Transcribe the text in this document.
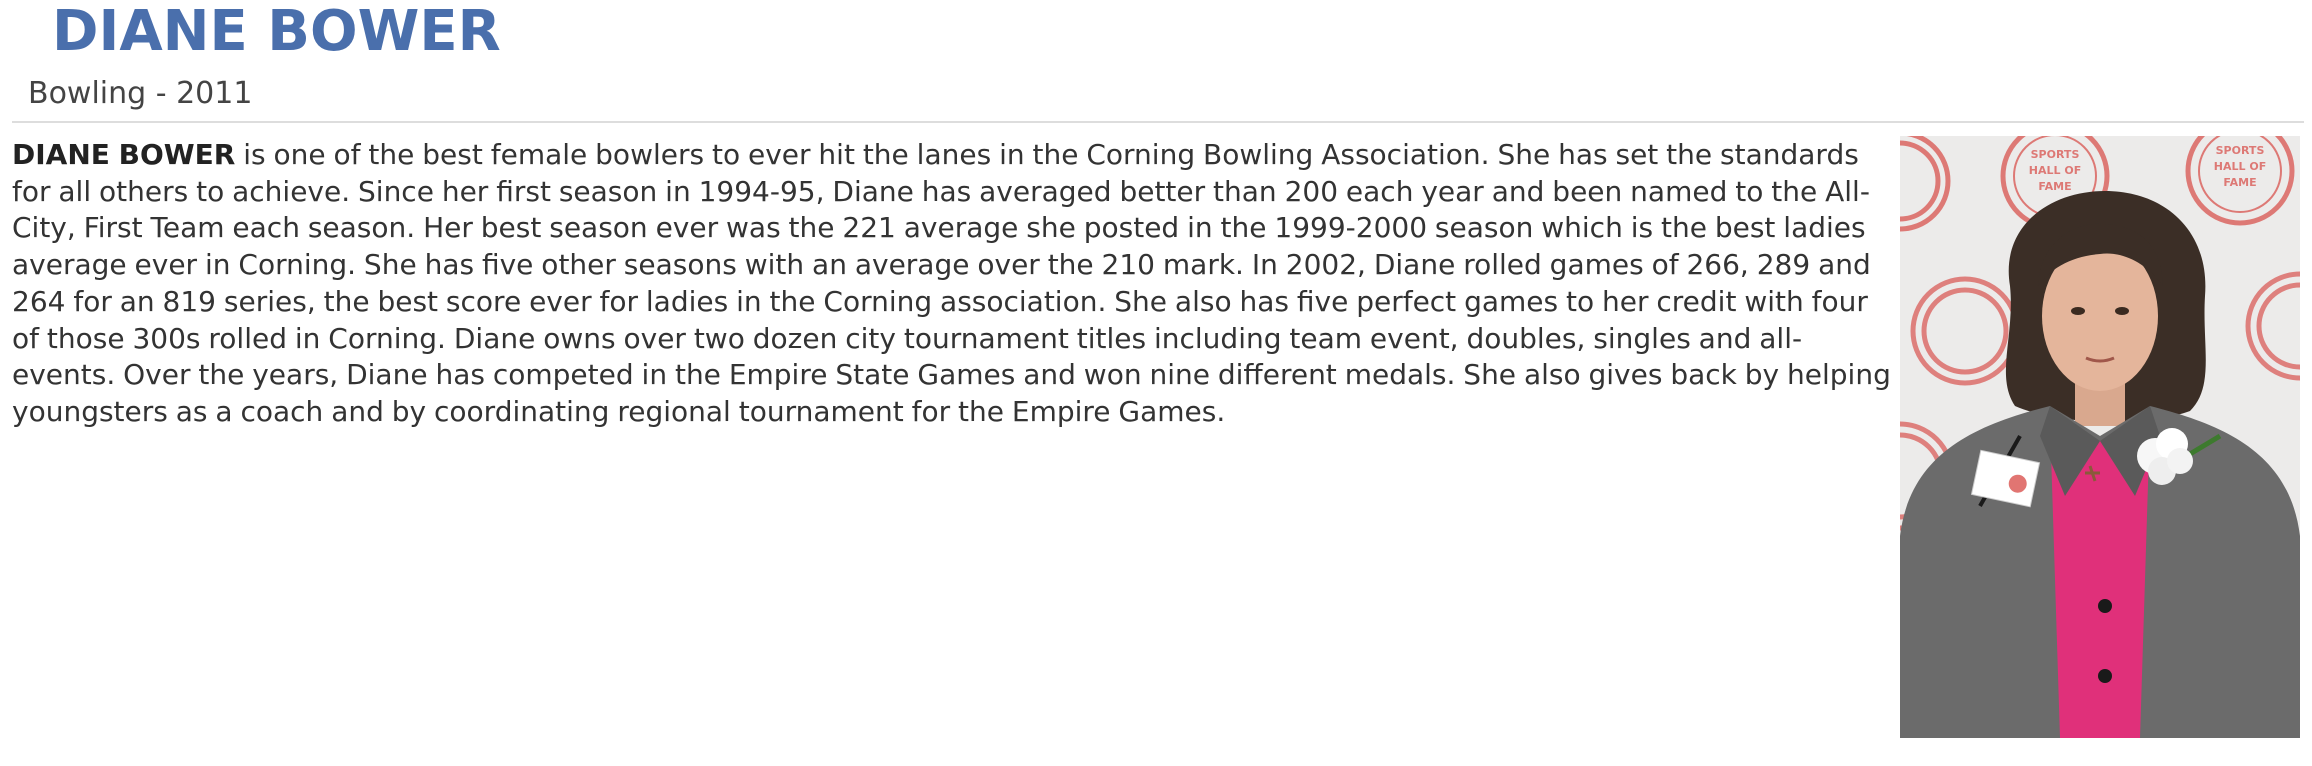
DIANE BOWER
Bowling - 2011

DIANE BOWER is one of the best female bowlers to ever hit the lanes in the Corning Bowling Association. She has set the standards for all others to achieve. Since her first season in 1994-95, Diane has averaged better than 200 each year and been named to the All-City, First Team each season. Her best season ever was the 221 average she posted in the 1999-2000 season which is the best ladies average ever in Corning. She has five other seasons with an average over the 210 mark. In 2002, Diane rolled games of 266, 289 and 264 for an 819 series, the best score ever for ladies in the Corning association. She also has five perfect games to her credit with four of those 300s rolled in Corning. Diane owns over two dozen city tournament titles including team event, doubles, singles and all-events. Over the years, Diane has competed in the Empire State Games and won nine different medals. She also gives back by helping youngsters as a coach and by coordinating regional tournament for the Empire Games.

SPORTS
HALL OF
FAME
SPORTS
HALL OF
FAME
